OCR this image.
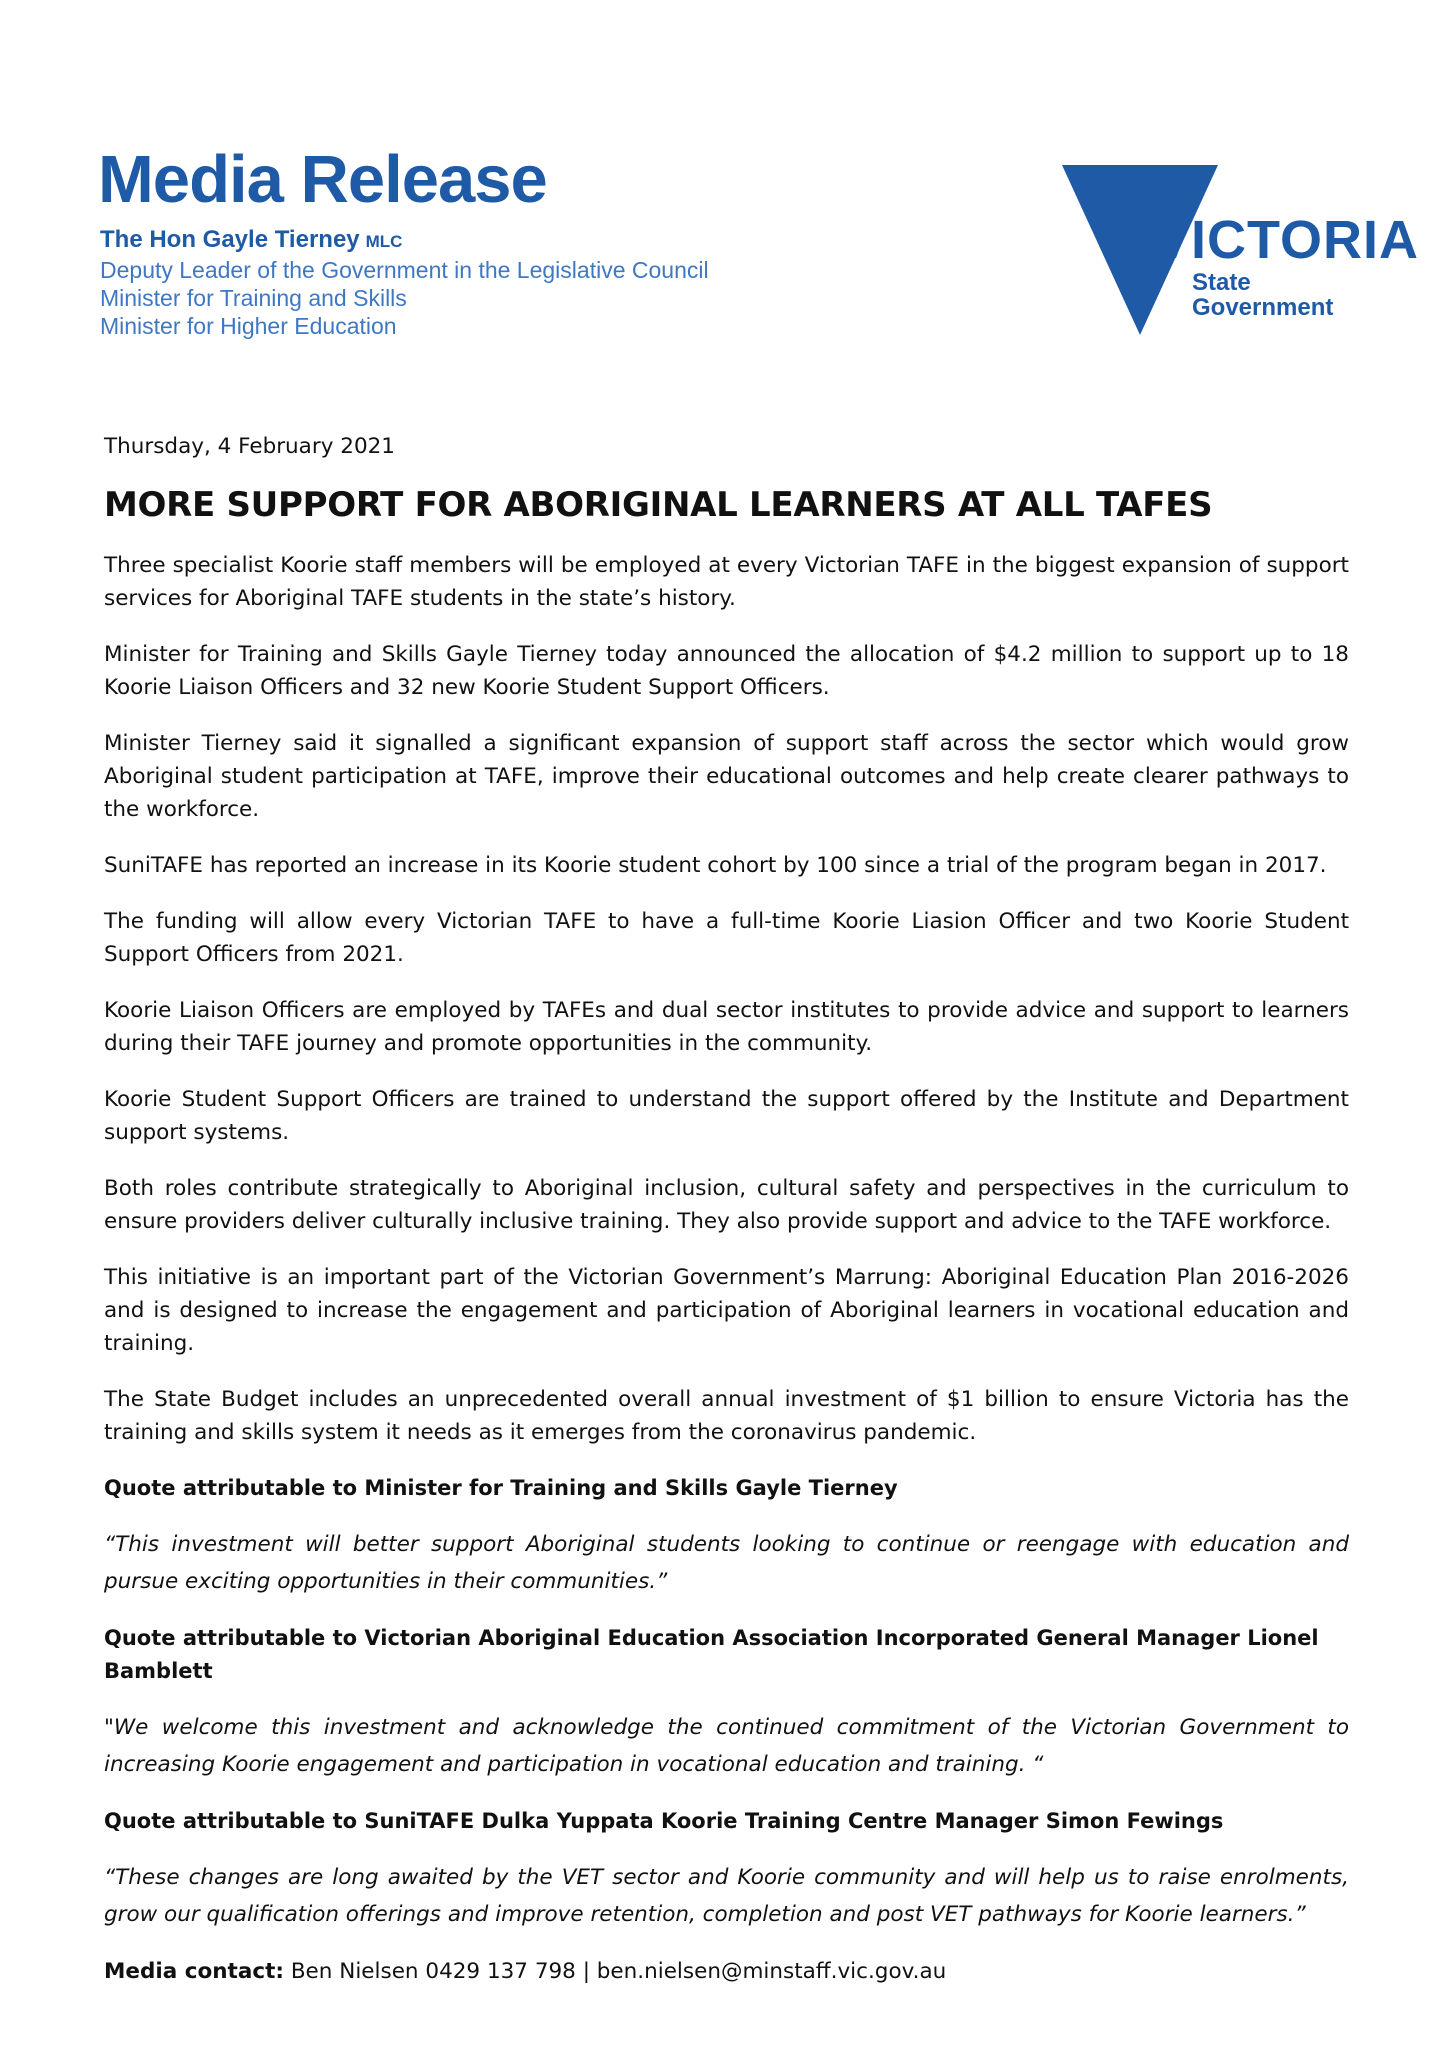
Media Release
The Hon Gayle Tierney MLC
Deputy Leader of the Government in the Legislative Council
Minister for Training and Skills
Minister for Higher Education
VICTORIA
State
Government
Thursday, 4 February 2021
MORE SUPPORT FOR ABORIGINAL LEARNERS AT ALL TAFES

Three specialist Koorie staff members will be employed at every Victorian TAFE in the biggest expansion of support services for Aboriginal TAFE students in the state’s history.

Minister for Training and Skills Gayle Tierney today announced the allocation of $4.2 million to support up to 18 Koorie Liaison Officers and 32 new Koorie Student Support Officers.

Minister Tierney said it signalled a significant expansion of support staff across the sector which would grow Aboriginal student participation at TAFE, improve their educational outcomes and help create clearer pathways to the workforce.

SuniTAFE has reported an increase in its Koorie student cohort by 100 since a trial of the program began in 2017.

The funding will allow every Victorian TAFE to have a full-time Koorie Liasion Officer and two Koorie Student Support Officers from 2021.

Koorie Liaison Officers are employed by TAFEs and dual sector institutes to provide advice and support to learners during their TAFE journey and promote opportunities in the community.

Koorie Student Support Officers are trained to understand the support offered by the Institute and Department support systems.

Both roles contribute strategically to Aboriginal inclusion, cultural safety and perspectives in the curriculum to ensure providers deliver culturally inclusive training. They also provide support and advice to the TAFE workforce.

This initiative is an important part of the Victorian Government’s Marrung: Aboriginal Education Plan 2016-2026 and is designed to increase the engagement and participation of Aboriginal learners in vocational education and training.

The State Budget includes an unprecedented overall annual investment of $1 billion to ensure Victoria has the training and skills system it needs as it emerges from the coronavirus pandemic.

Quote attributable to Minister for Training and Skills Gayle Tierney

“This investment will better support Aboriginal students looking to continue or reengage with education and pursue exciting opportunities in their communities.”

Quote attributable to Victorian Aboriginal Education Association Incorporated General Manager Lionel Bamblett

"We welcome this investment and acknowledge the continued commitment of the Victorian Government to increasing Koorie engagement and participation in vocational education and training. “

Quote attributable to SuniTAFE Dulka Yuppata Koorie Training Centre Manager Simon Fewings

“These changes are long awaited by the VET sector and Koorie community and will help us to raise enrolments, grow our qualification offerings and improve retention, completion and post VET pathways for Koorie learners.”

Media contact: Ben Nielsen 0429 137 798 | ben.nielsen@minstaff.vic.gov.au
